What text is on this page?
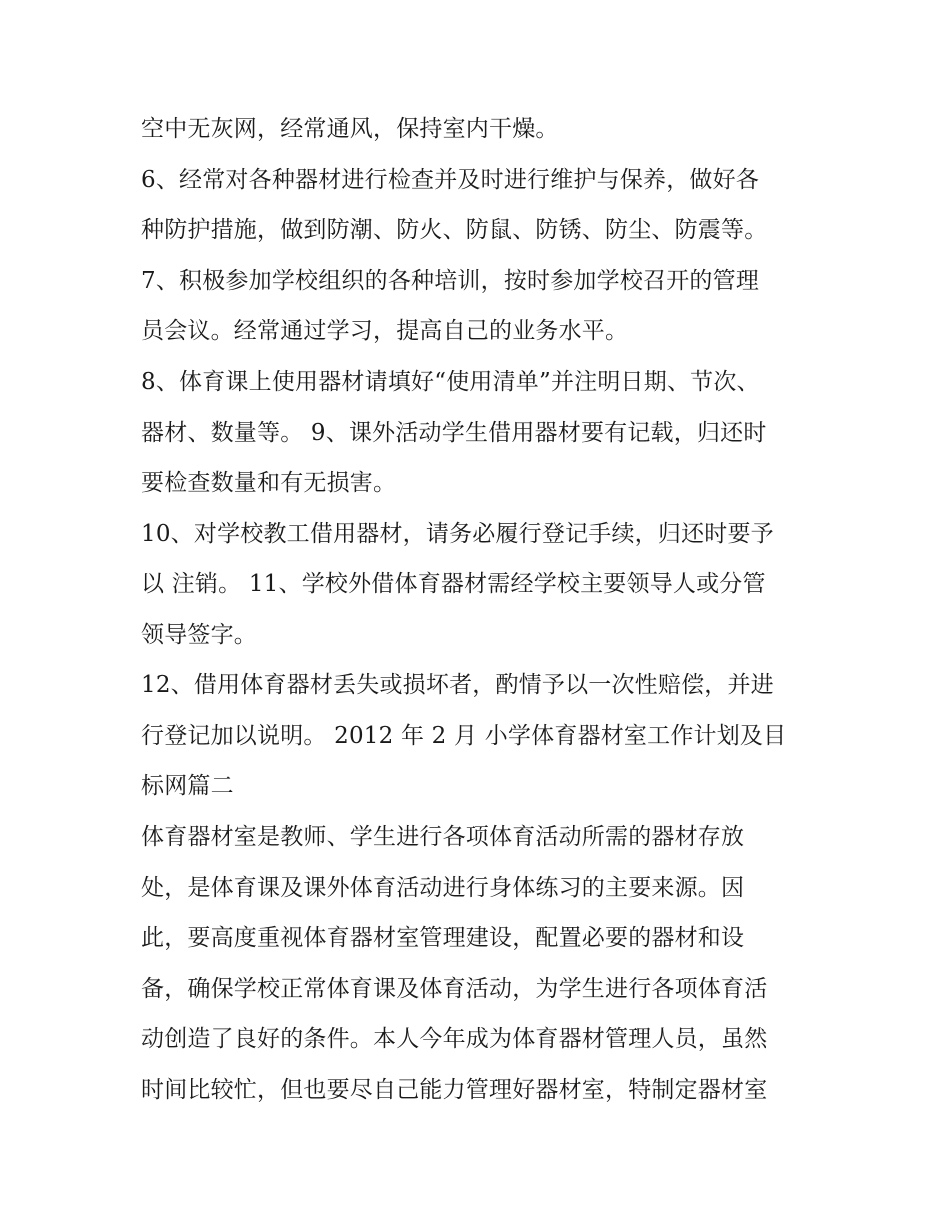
空中无灰网，经常通风，保持室内干燥。

6、经常对各种器材进行检查并及时进行维护与保养，做好各

种防护措施，做到防潮、防火、防鼠、防锈、防尘、防震等。

7、积极参加学校组织的各种培训，按时参加学校召开的管理

员会议。经常通过学习，提高自己的业务水平。

8、体育课上使用器材请填好“使用清单”并注明日期、节次、

器材、数量等。 9、课外活动学生借用器材要有记载，归还时

要检查数量和有无损害。

10、对学校教工借用器材，请务必履行登记手续，归还时要予

以 注销。 11、学校外借体育器材需经学校主要领导人或分管

领导签字。

12、借用体育器材丢失或损坏者，酌情予以一次性赔偿，并进

行登记加以说明。 2012 年 2 月 小学体育器材室工作计划及目

标网篇二

体育器材室是教师、学生进行各项体育活动所需的器材存放

处，是体育课及课外体育活动进行身体练习的主要来源。因

此，要高度重视体育器材室管理建设，配置必要的器材和设

备，确保学校正常体育课及体育活动，为学生进行各项体育活

动创造了良好的条件。本人今年成为体育器材管理人员，虽然

时间比较忙，但也要尽自己能力管理好器材室，特制定器材室
